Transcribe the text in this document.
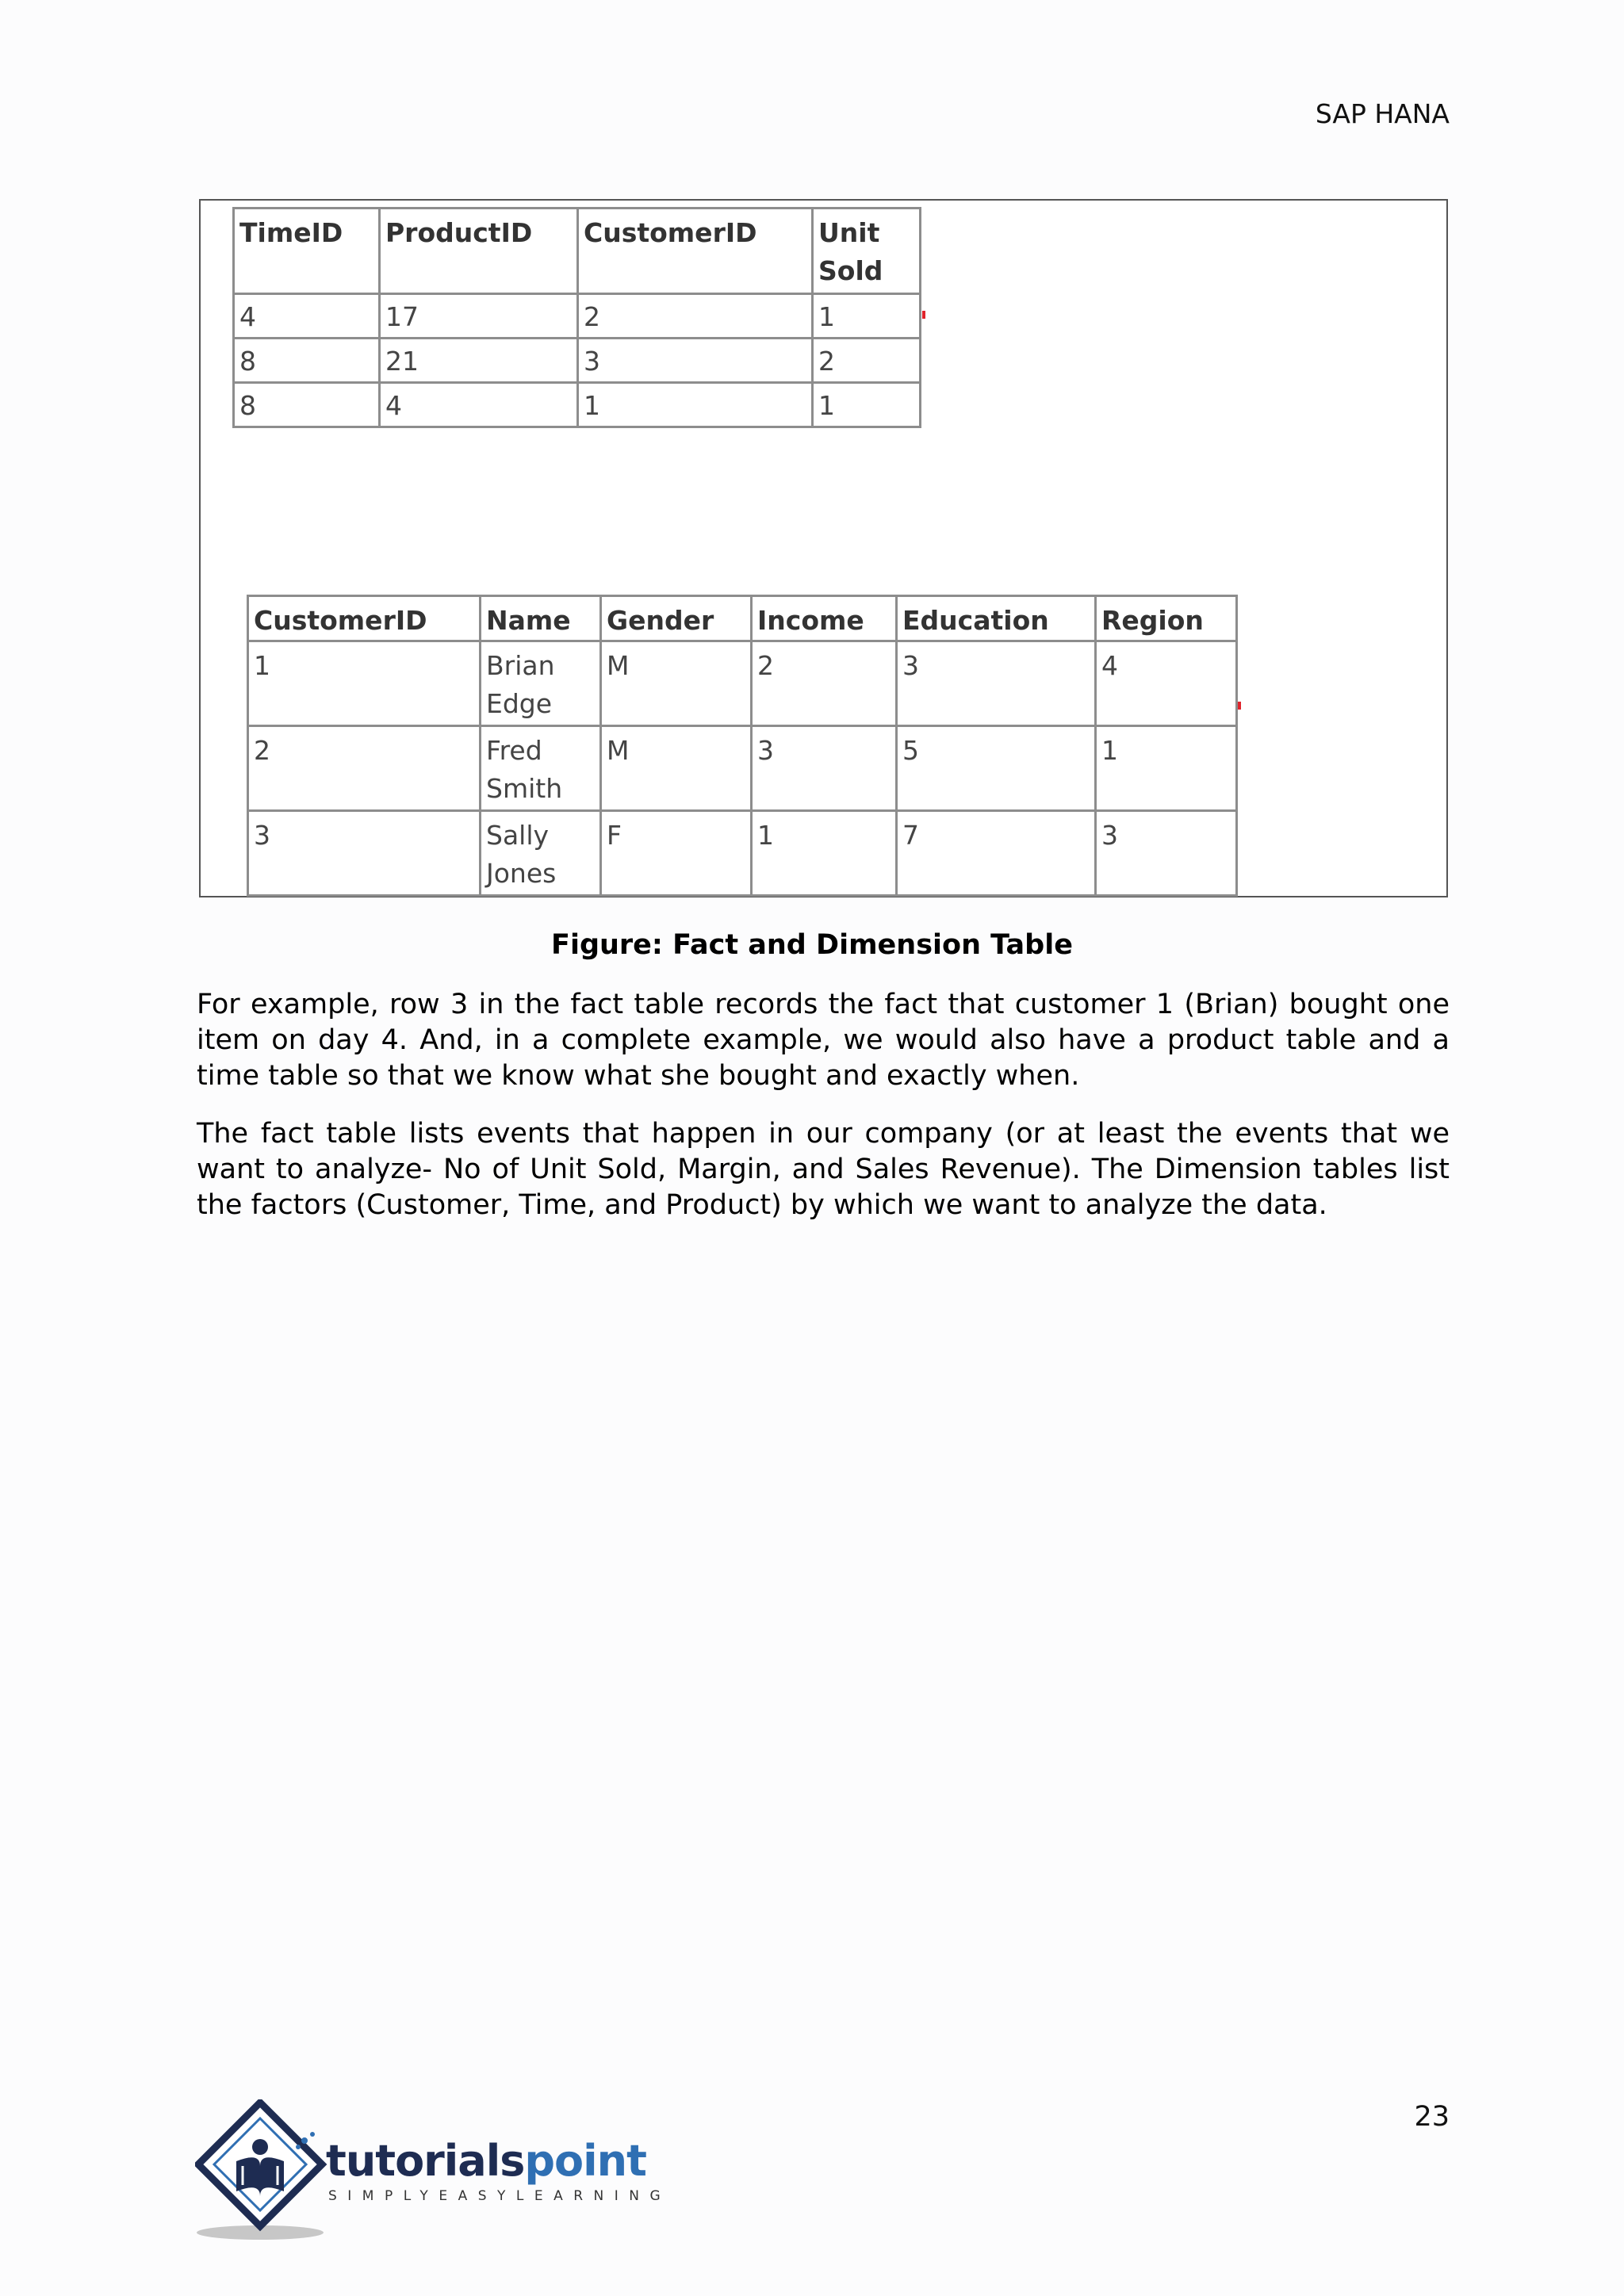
SAP HANA
TimeID	ProductID	CustomerID	Unit Sold
4	17	2	1
8	21	3	2
8	4	1	1
CustomerID	Name	Gender	Income	Education	Region
1	Brian Edge	M	2	3	4
2	Fred Smith	M	3	5	1
3	Sally Jones	F	1	7	3
Figure: Fact and Dimension Table

For example, row 3 in the fact table records the fact that customer 1 (Brian) bought one item on day 4. And, in a complete example, we would also have a product table and a time table so that we know what she bought and exactly when.

The fact table lists events that happen in our company (or at least the events that we want to analyze- No of Unit Sold, Margin, and Sales Revenue). The Dimension tables list the factors (Customer, Time, and Product) by which we want to analyze the data.

23
tutorialspoint
SIMPLYEASYLEARNING
